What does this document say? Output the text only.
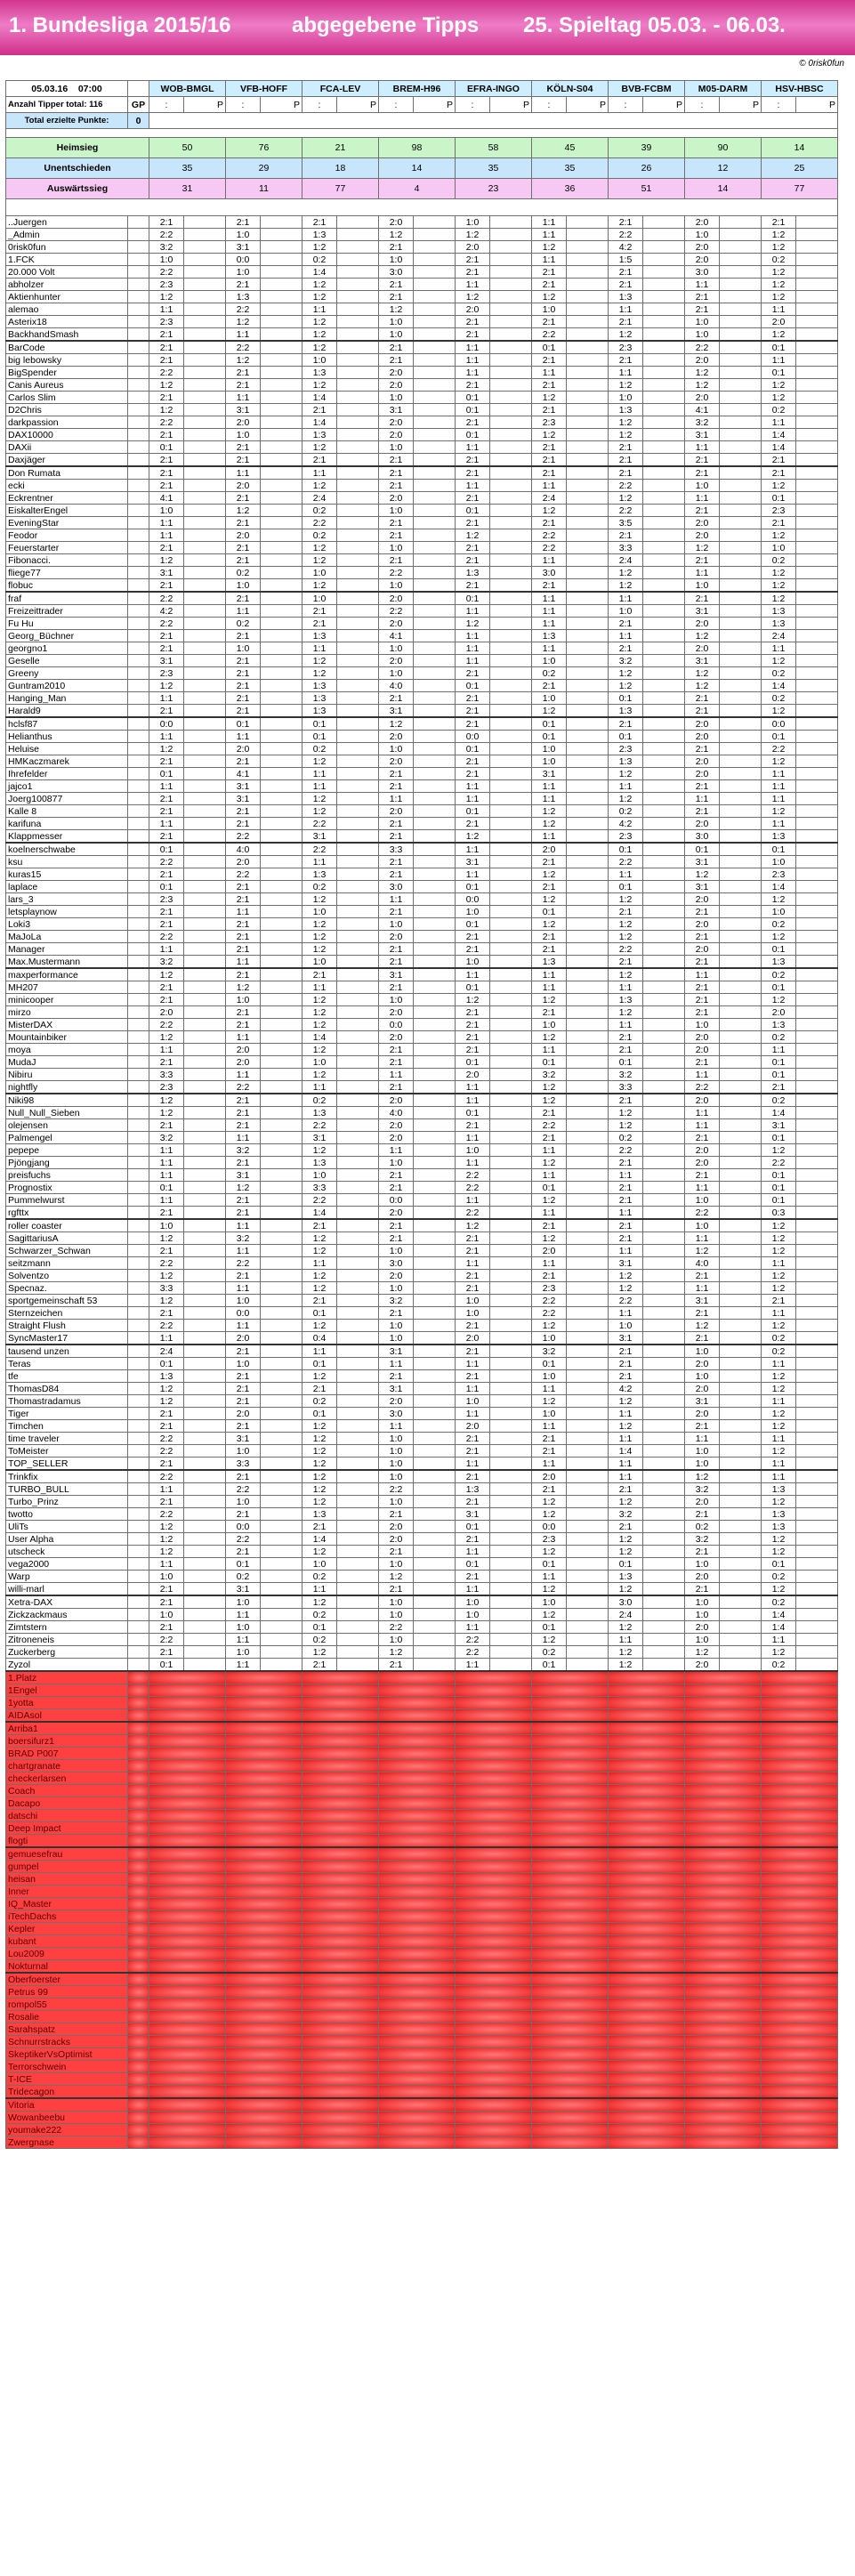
1. Bundesliga 2015/16	abgegebene Tipps 25. Spieltag 05.03. - 06.03.
© 0risk0fun
05.03.16 07:00		WOB-BMGL		VFB-HOFF		FCA-LEV		BREM-H96		EFRA-INGO		KÖLN-S04		BVB-FCBM		M05-DARM		HSV-HBSC	
Anzahl Tipper total: 116	GP	:	P	:	P	:	P	:	P	:	P	:	P	:	P	:	P	:	P
Total erzielte Punkte:	0																		

Heimsieg		50		76		21		98		58		45		39		90		14	
Unentschieden		35		29		18		14		35		35		26		12		25	
Auswärtssieg		31		11		77		4		23		36		51		14		77	

..Juergen		2:1		2:1		2:1		2:0		1:0		1:1		2:1		2:0		2:1	
_Admin		2:2		1:0		1:3		1:2		1:2		1:1		2:2		1:0		1:2	
0risk0fun		3:2		3:1		1:2		2:1		2:0		1:2		4:2		2:0		1:2	
1.FCK		1:0		0:0		0:2		1:0		2:1		1:1		1:5		2:0		0:2	
20.000 Volt		2:2		1:0		1:4		3:0		2:1		2:1		2:1		3:0		1:2	
abholzer		2:3		2:1		1:2		2:1		1:1		2:1		2:1		1:1		1:2	
Aktienhunter		1:2		1:3		1:2		2:1		1:2		1:2		1:3		2:1		1:2	
alemao		1:1		2:2		1:1		1:2		2:0		1:0		1:1		2:1		1:1	
Asterix18		2:3		1:2		1:2		1:0		2:1		2:1		2:1		1:0		2:0	
BackhandSmash		2:1		1:1		1:2		1:0		2:1		2:2		1:2		1:0		1:2	
BarCode		2:1		2:2		1:2		2:1		1:1		0:1		2:3		2:2		0:1	
big lebowsky		2:1		1:2		1:0		2:1		1:1		2:1		2:1		2:0		1:1	
BigSpender		2:2		2:1		1:3		2:0		1:1		1:1		1:1		1:2		0:1	
Canis Aureus		1:2		2:1		1:2		2:0		2:1		2:1		1:2		1:2		1:2	
Carlos Slim		2:1		1:1		1:4		1:0		0:1		1:2		1:0		2:0		1:2	
D2Chris		1:2		3:1		2:1		3:1		0:1		2:1		1:3		4:1		0:2	
darkpassion		2:2		2:0		1:4		2:0		2:1		2:3		1:2		3:2		1:1	
DAX10000		2:1		1:0		1:3		2:0		0:1		1:2		1:2		3:1		1:4	
DAXii		0:1		2:1		1:2		1:0		1:1		2:1		2:1		1:1		1:4	
Daxjäger		2:1		2:1		2:1		2:1		2:1		2:1		2:1		2:1		2:1	
Don Rumata		2:1		1:1		1:1		2:1		2:1		2:1		2:1		2:1		2:1	
ecki		2:1		2:0		1:2		2:1		1:1		1:1		2:2		1:0		1:2	
Eckrentner		4:1		2:1		2:4		2:0		2:1		2:4		1:2		1:1		0:1	
EiskalterEngel		1:0		1:2		0:2		1:0		0:1		1:2		2:2		2:1		2:3	
EveningStar		1:1		2:1		2:2		2:1		2:1		2:1		3:5		2:0		2:1	
Feodor		1:1		2:0		0:2		2:1		1:2		2:2		2:1		2:0		1:2	
Feuerstarter		2:1		2:1		1:2		1:0		2:1		2:2		3:3		1:2		1:0	
Fibonacci.		1:2		2:1		1:2		2:1		2:1		1:1		2:4		2:1		0:2	
fliege77		3:1		0:2		1:0		2:2		1:3		3:0		1:2		1:1		1:2	
flobuc		2:1		1:0		1:2		1:0		2:1		2:1		1:2		1:0		1:2	
fraf		2:2		2:1		1:0		2:0		0:1		1:1		1:1		2:1		1:2	
Freizeittrader		4:2		1:1		2:1		2:2		1:1		1:1		1:0		3:1		1:3	
Fu Hu		2:2		0:2		2:1		2:0		1:2		1:1		2:1		2:0		1:3	
Georg_Büchner		2:1		2:1		1:3		4:1		1:1		1:3		1:1		1:2		2:4	
georgno1		2:1		1:0		1:1		1:0		1:1		1:1		2:1		2:0		1:1	
Geselle		3:1		2:1		1:2		2:0		1:1		1:0		3:2		3:1		1:2	
Greeny		2:3		2:1		1:2		1:0		2:1		0:2		1:2		1:2		0:2	
Guntram2010		1:2		2:1		1:3		4:0		0:1		2:1		1:2		1:2		1:4	
Hanging_Man		1:1		2:1		1:3		2:1		2:1		1:0		0:1		2:1		0:2	
Harald9		2:1		2:1		1:3		3:1		2:1		1:2		1:3		2:1		1:2	
hclsf87		0:0		0:1		0:1		1:2		2:1		0:1		2:1		2:0		0:0	
Helianthus		1:1		1:1		0:1		2:0		0:0		0:1		0:1		2:0		0:1	
Heluise		1:2		2:0		0:2		1:0		0:1		1:0		2:3		2:1		2:2	
HMKaczmarek		2:1		2:1		1:2		2:0		2:1		1:0		1:3		2:0		1:2	
Ihrefelder		0:1		4:1		1:1		2:1		2:1		3:1		1:2		2:0		1:1	
jajco1		1:1		3:1		1:1		2:1		1:1		1:1		1:1		2:1		1:1	
Joerg100877		2:1		3:1		1:2		1:1		1:1		1:1		1:2		1:1		1:1	
Kalle 8		2:1		2:1		1:2		2:0		0:1		1:2		0:2		2:1		1:2	
karifuna		1:1		2:1		2:2		2:1		2:1		1:2		4:2		2:0		1:1	
Klappmesser		2:1		2:2		3:1		2:1		1:2		1:1		2:3		3:0		1:3	
koelnerschwabe		0:1		4:0		2:2		3:3		1:1		2:0		0:1		0:1		0:1	
ksu		2:2		2:0		1:1		2:1		3:1		2:1		2:2		3:1		1:0	
kuras15		2:1		2:2		1:3		2:1		1:1		1:2		1:1		1:2		2:3	
laplace		0:1		2:1		0:2		3:0		0:1		2:1		0:1		3:1		1:4	
lars_3		2:3		2:1		1:2		1:1		0:0		1:2		1:2		2:0		1:2	
letsplaynow		2:1		1:1		1:0		2:1		1:0		0:1		2:1		2:1		1:0	
Loki3		2:1		2:1		1:2		1:0		0:1		1:2		1:2		2:0		0:2	
MaJoLa		2:2		2:1		1:2		2:0		2:1		2:1		1:2		2:1		1:2	
Manager		1:1		2:1		1:2		2:1		2:1		2:1		2:2		2:0		0:1	
Max.Mustermann		3:2		1:1		1:0		2:1		1:0		1:3		2:1		2:1		1:3	
maxperformance		1:2		2:1		2:1		3:1		1:1		1:1		1:2		1:1		0:2	
MH207		2:1		1:2		1:1		2:1		0:1		1:1		1:1		2:1		0:1	
minicooper		2:1		1:0		1:2		1:0		1:2		1:2		1:3		2:1		1:2	
mirzo		2:0		2:1		1:2		2:0		2:1		2:1		1:2		2:1		2:0	
MisterDAX		2:2		2:1		1:2		0:0		2:1		1:0		1:1		1:0		1:3	
Mountainbiker		1:2		1:1		1:4		2:0		2:1		1:2		2:1		2:0		0:2	
moya		1:1		2:0		1:2		2:1		2:1		1:1		2:1		2:0		1:1	
MudaJ		2:1		2:0		1:0		2:1		0:1		0:1		0:1		2:1		0:1	
Nibiru		3:3		1:1		1:2		1:1		2:0		3:2		3:2		1:1		0:1	
nightfly		2:3		2:2		1:1		2:1		1:1		1:2		3:3		2:2		2:1	
Niki98		1:2		2:1		0:2		2:0		1:1		1:2		2:1		2:0		0:2	
Null_Null_Sieben		1:2		2:1		1:3		4:0		0:1		2:1		1:2		1:1		1:4	
olejensen		2:1		2:1		2:2		2:0		2:1		2:2		1:2		1:1		3:1	
Palmengel		3:2		1:1		3:1		2:0		1:1		2:1		0:2		2:1		0:1	
pepepe		1:1		3:2		1:2		1:1		1:0		1:1		2:2		2:0		1:2	
Pjöngjang		1:1		2:1		1:3		1:0		1:1		1:2		2:1		2:0		2:2	
preisfuchs		1:1		3:1		1:0		2:1		2:2		1:1		1:1		2:1		0:1	
Prognostix		0:1		1:2		3:3		2:1		2:2		0:1		2:1		1:1		0:1	
Pummelwurst		1:1		2:1		2:2		0:0		1:1		1:2		2:1		1:0		0:1	
rgfttx		2:1		2:1		1:4		2:0		2:2		1:1		1:1		2:2		0:3	
roller coaster		1:0		1:1		2:1		2:1		1:2		2:1		2:1		1:0		1:2	
SagittariusA		1:2		3:2		1:2		2:1		2:1		1:2		2:1		1:1		1:2	
Schwarzer_Schwan		2:1		1:1		1:2		1:0		2:1		2:0		1:1		1:2		1:2	
seitzmann		2:2		2:2		1:1		3:0		1:1		1:1		3:1		4:0		1:1	
Solventzo		1:2		2:1		1:2		2:0		2:1		2:1		1:2		2:1		1:2	
Specnaz.		3:3		1:1		1:2		1:0		2:1		2:3		1:2		1:1		1:2	
sportgemeinschaft 53		1:2		1:0		2:1		3:2		1:0		2:2		2:2		3:1		2:1	
Sternzeichen		2:1		0:0		0:1		2:1		1:0		2:2		1:1		2:1		1:1	
Straight Flush		2:2		1:1		1:2		1:0		2:1		1:2		1:0		1:2		1:2	
SyncMaster17		1:1		2:0		0:4		1:0		2:0		1:0		3:1		2:1		0:2	
tausend unzen		2:4		2:1		1:1		3:1		2:1		3:2		2:1		1:0		0:2	
Teras		0:1		1:0		0:1		1:1		1:1		0:1		2:1		2:0		1:1	
tfe		1:3		2:1		1:2		2:1		2:1		1:0		2:1		1:0		1:2	
ThomasD84		1:2		2:1		2:1		3:1		1:1		1:1		4:2		2:0		1:2	
Thomastradamus		1:2		2:1		0:2		2:0		1:0		1:2		1:2		3:1		1:1	
Tiger		2:1		2:0		0:1		3:0		1:1		1:0		1:1		2:0		1:2	
Timchen		2:1		2:1		1:2		1:1		2:0		1:1		1:2		2:1		1:2	
time traveler		2:2		3:1		1:2		1:0		2:1		2:1		1:1		1:1		1:1	
ToMeister		2:2		1:0		1:2		1:0		2:1		2:1		1:4		1:0		1:2	
TOP_SELLER		2:1		3:3		1:2		1:0		1:1		1:1		1:1		1:0		1:1	
Trinkfix		2:2		2:1		1:2		1:0		2:1		2:0		1:1		1:2		1:1	
TURBO_BULL		1:1		2:2		1:2		2:2		1:3		2:1		2:1		3:2		1:3	
Turbo_Prinz		2:1		1:0		1:2		1:0		2:1		1:2		1:2		2:0		1:2	
twotto		2:2		2:1		1:3		2:1		3:1		1:2		3:2		2:1		1:3	
UliTs		1:2		0:0		2:1		2:0		0:1		0:0		2:1		0:2		1:3	
User Alpha		1:2		2:2		1:4		2:0		2:1		2:3		1:2		3:2		1:2	
utscheck		1:2		2:1		1:2		2:1		1:1		1:2		1:2		2:1		1:2	
vega2000		1:1		0:1		1:0		1:0		0:1		0:1		0:1		1:0		0:1	
Warp		1:0		0:2		0:2		1:2		2:1		1:1		1:3		2:0		0:2	
willi-marl		2:1		3:1		1:1		2:1		1:1		1:2		1:2		2:1		1:2	
Xetra-DAX		2:1		1:0		1:2		1:0		1:0		1:0		3:0		1:0		0:2	
Zickzackmaus		1:0		1:1		0:2		1:0		1:0		1:2		2:4		1:0		1:4	
Zimtstern		2:1		1:0		0:1		2:2		1:1		0:1		1:2		2:0		1:4	
Zitroneneis		2:2		1:1		0:2		1:0		2:2		1:2		1:1		1:0		1:1	
Zuckerberg		2:1		1:0		1:2		1:2		2:2		0:2		1:2		1:2		1:2	
Zyzol		0:1		1:1		2:1		2:1		1:1		0:1		1:2		2:0		0:2	
1.Platz																			
1Engel																			
1yotta																			
AIDAsol																			
Arriba1																			
boersifurz1																			
BRAD P007																			
chartgranate																			
checkerlarsen																			
Coach																			
Dacapo																			
datschi																			
Deep Impact																			
flogti																			
gemuesefrau																			
gumpel																			
heisan																			
Inner																			
IQ_Master																			
iTechDachs																			
Kepler																			
kubant																			
Lou2009																			
Nokturnal																			
Oberfoerster																			
Petrus 99																			
rompol55																			
Rosalie																			
Sarahspatz																			
Schnurrstracks																			
SkeptikerVsOptimist																			
Terrorschwein																			
T-ICE																			
Tridecagon																			
Vitoria																			
Wowanbeebu																			
youmake222																			
Zwergnase																			
